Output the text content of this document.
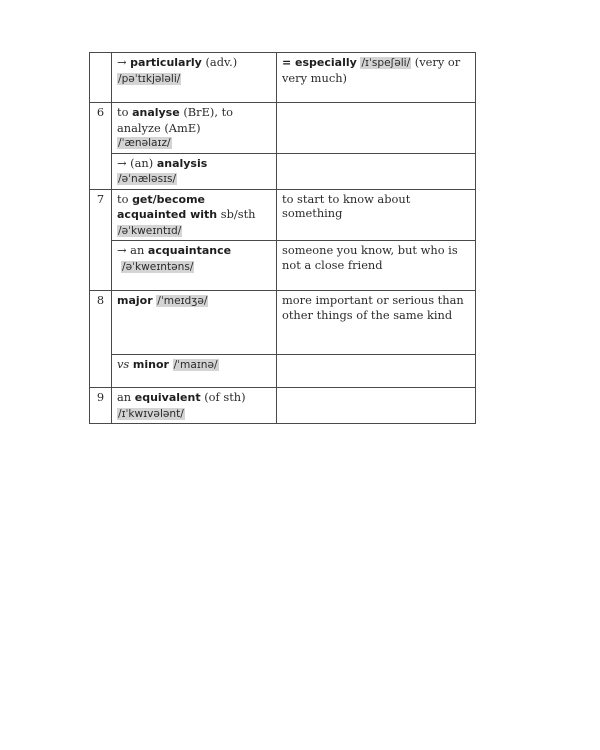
	→ particularly (adv.)
/pəˈtɪkjələli/	= especially /ɪˈspeʃəli/ (very or very much)
6	to analyse (BrE), to analyze (AmE)
/ˈænəlaɪz/	
	→ (an) analysis
/əˈnæləsɪs/	
7	to get/become acquainted with sb/sth
/əˈkweɪntɪd/	to start to know about something
	→ an acquaintance
/əˈkweɪntəns/	someone you know, but who is not a close friend
8	major /ˈmeɪdʒə/	more important or serious than other things of the same kind
	vs minor /ˈmaɪnə/	
9	an equivalent (of sth)
/ɪˈkwɪvələnt/	
